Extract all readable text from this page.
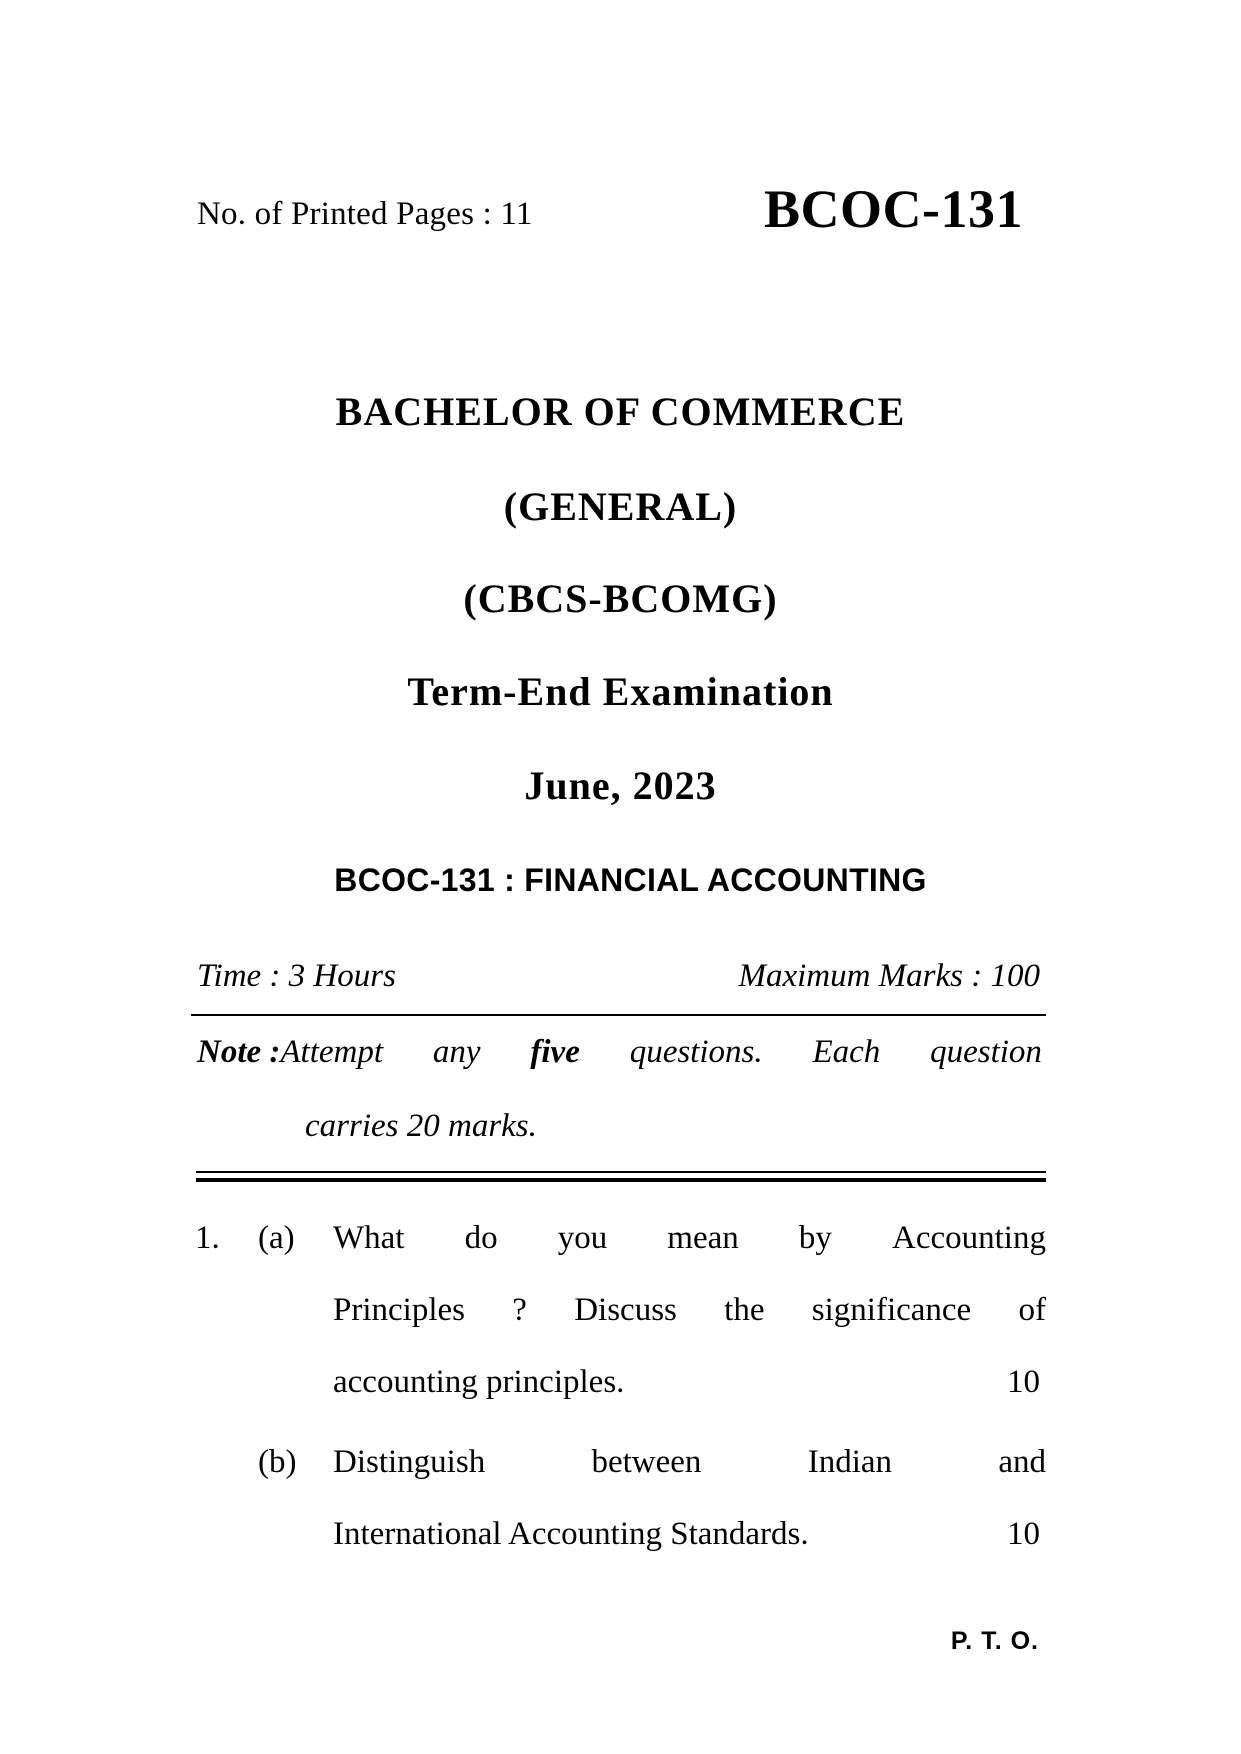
No. of Printed Pages : 11	BCOC-131
BACHELOR OF COMMERCE
(GENERAL)
(CBCS-BCOMG)
Term-End Examination
June, 2023
BCOC-131 : FINANCIAL ACCOUNTING
Time : 3 Hours	Maximum Marks : 100
Note : Attempt any five questions. Each question
carries 20 marks.
1. (a) What do you mean by Accounting
Principles ? Discuss the significance of
accounting principles.	10
(b) Distinguish	between	Indian	and
International Accounting Standards.	10
P. T. O.
